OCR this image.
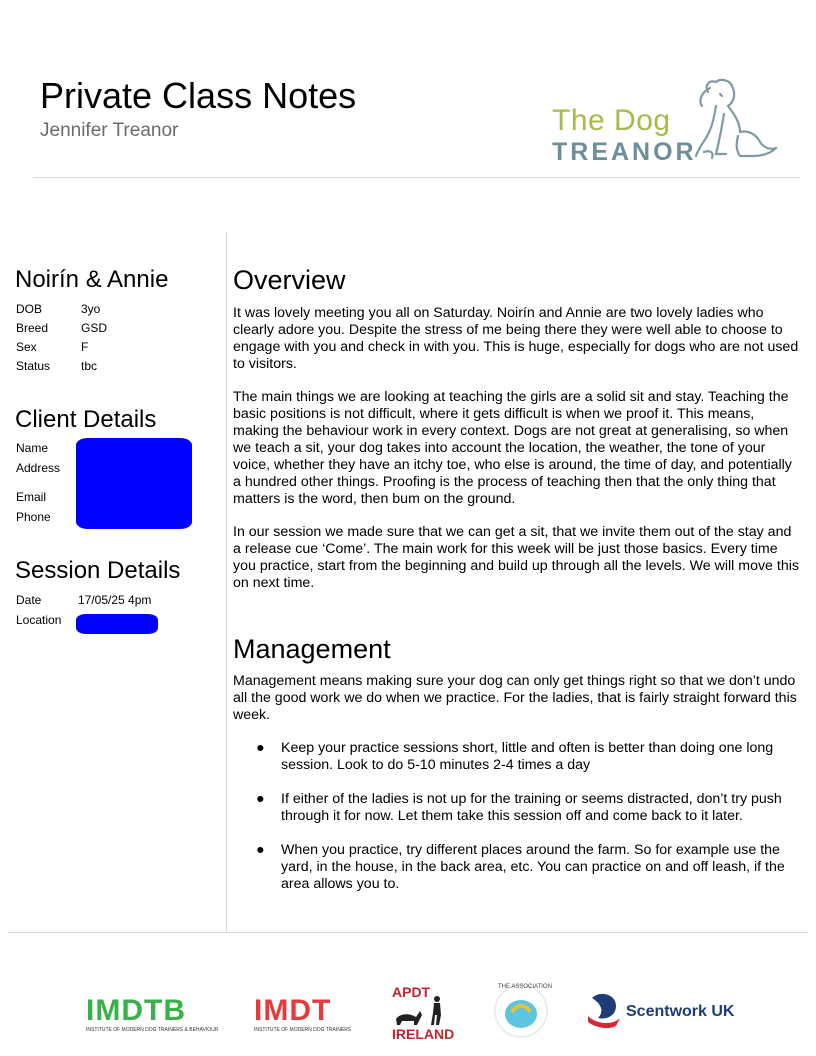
Private Class Notes
Jennifer Treanor	The Dog
TREANOR
Noirín & Annie
DOB	3yo
Breed	GSD
Sex	F
Status	tbc
Client Details
Name
Address
Email
Phone
Session Details
Date	17/05/25 4pm
Location
Overview
It was lovely meeting you all on Saturday. Noirín and Annie are two lovely ladies who clearly adore you. Despite the stress of me being there they were well able to choose to engage with you and check in with you. This is huge, especially for dogs who are not used to visitors.
The main things we are looking at teaching the girls are a solid sit and stay. Teaching the basic positions is not difficult, where it gets difficult is when we proof it. This means, making the behaviour work in every context. Dogs are not great at generalising, so when we teach a sit, your dog takes into account the location, the weather, the tone of your voice, whether they have an itchy toe, who else is around, the time of day, and potentially a hundred other things. Proofing is the process of teaching then that the only thing that matters is the word, then bum on the ground.
In our session we made sure that we can get a sit, that we invite them out of the stay and a release cue ‘Come’. The main work for this week will be just those basics. Every time you practice, start from the beginning and build up through all the levels. We will move this on next time.
Management
Management means making sure your dog can only get things right so that we don’t undo all the good work we do when we practice. For the ladies, that is fairly straight forward this week.
● Keep your practice sessions short, little and often is better than doing one long session. Look to do 5-10 minutes 2-4 times a day
● If either of the ladies is not up for the training or seems distracted, don’t try push through it for now. Let them take this session off and come back to it later.
● When you practice, try different places around the farm. So for example use the yard, in the house, in the back area, etc. You can practice on and off leash, if the area allows you to.
IMDTB
INSTITUTE OF MODERN DOG TRAINERS & BEHAVIOUR
IMDT
INSTITUTE OF MODERN DOG TRAINERS
APDT
IRELAND
THE ASSOCIATION
Scentwork UK
